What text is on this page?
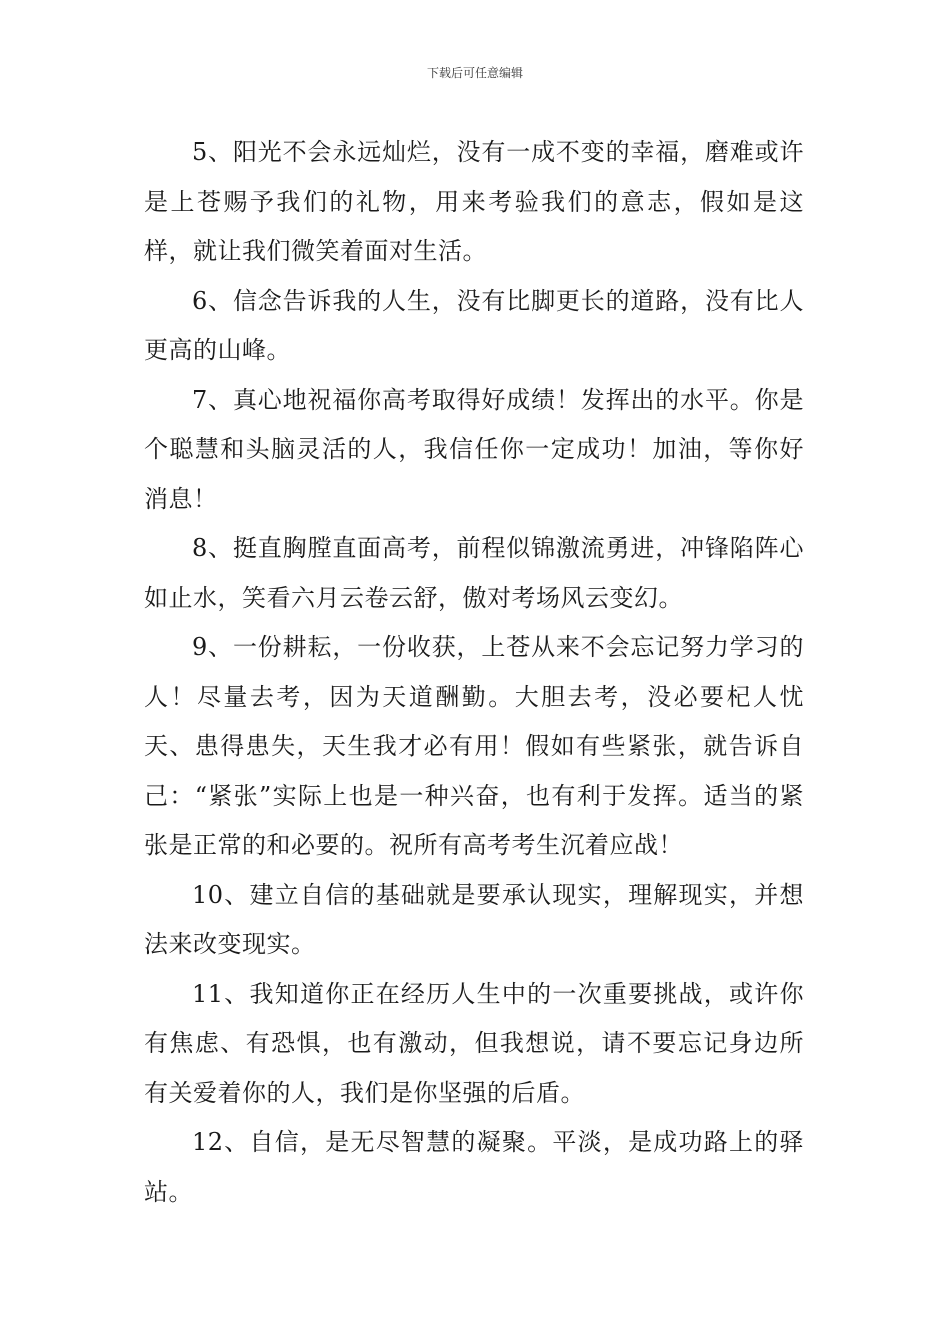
下载后可任意编辑

5、阳光不会永远灿烂，没有一成不变的幸福，磨难或许是上苍赐予我们的礼物，用来考验我们的意志，假如是这样，就让我们微笑着面对生活。

6、信念告诉我的人生，没有比脚更长的道路，没有比人更高的山峰。

7、真心地祝福你高考取得好成绩！发挥出的水平。你是个聪慧和头脑灵活的人，我信任你一定成功！加油，等你好消息！

8、挺直胸膛直面高考，前程似锦激流勇进，冲锋陷阵心如止水，笑看六月云卷云舒，傲对考场风云变幻。

9、一份耕耘，一份收获，上苍从来不会忘记努力学习的人！尽量去考，因为天道酬勤。大胆去考，没必要杞人忧天、患得患失，天生我才必有用！假如有些紧张，就告诉自己：“紧张”实际上也是一种兴奋，也有利于发挥。适当的紧张是正常的和必要的。祝所有高考考生沉着应战！

10、建立自信的基础就是要承认现实，理解现实，并想法来改变现实。

11、我知道你正在经历人生中的一次重要挑战，或许你有焦虑、有恐惧，也有激动，但我想说，请不要忘记身边所有关爱着你的人，我们是你坚强的后盾。

12、自信，是无尽智慧的凝聚。平淡，是成功路上的驿站。
